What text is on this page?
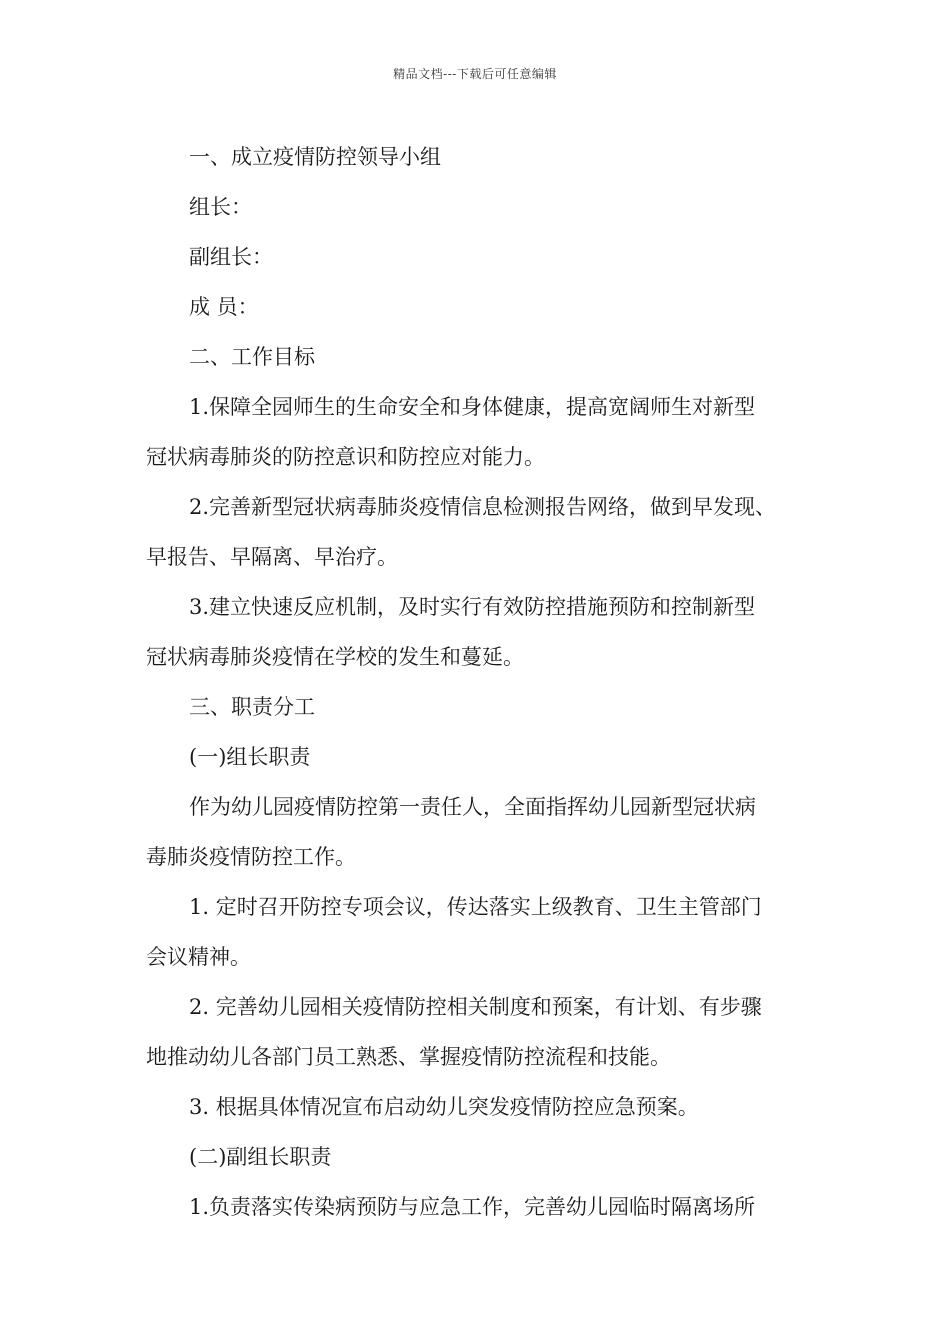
精品文档---下载后可任意编辑
一、成立疫情防控领导小组
组长：
副组长：
成 员：
二、工作目标
1.保障全园师生的生命安全和身体健康，提高宽阔师生对新型
冠状病毒肺炎的防控意识和防控应对能力。
2.完善新型冠状病毒肺炎疫情信息检测报告网络，做到早发现、
早报告、早隔离、早治疗。
3.建立快速反应机制，及时实行有效防控措施预防和控制新型
冠状病毒肺炎疫情在学校的发生和蔓延。
三、职责分工
(一)组长职责
作为幼儿园疫情防控第一责任人，全面指挥幼儿园新型冠状病
毒肺炎疫情防控工作。
1. 定时召开防控专项会议，传达落实上级教育、卫生主管部门
会议精神。
2. 完善幼儿园相关疫情防控相关制度和预案，有计划、有步骤
地推动幼儿各部门员工熟悉、掌握疫情防控流程和技能。
3. 根据具体情况宣布启动幼儿突发疫情防控应急预案。
(二)副组长职责
1.负责落实传染病预防与应急工作，完善幼儿园临时隔离场所
